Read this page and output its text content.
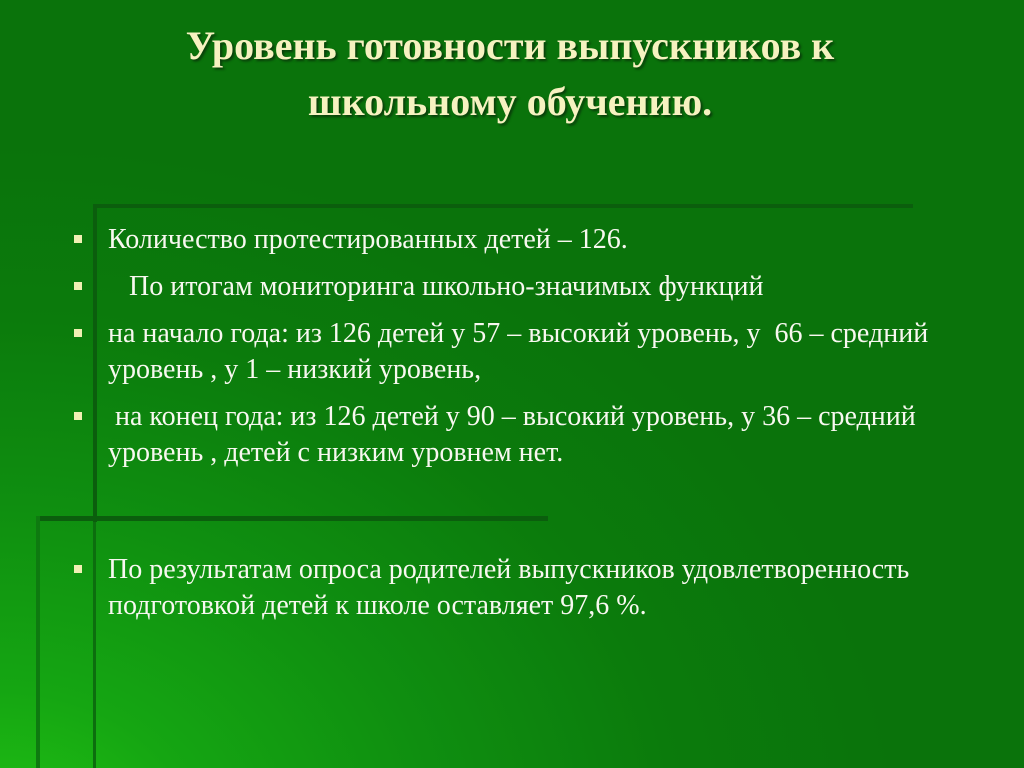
Уровень готовности выпускников к
школьному обучению.
Количество протестированных детей – 126.
По итогам мониторинга школьно-значимых функций
на начало года: из 126 детей у 57 – высокий уровень, у  66 – средний уровень , у 1 – низкий уровень,
на конец года: из 126 детей у 90 – высокий уровень, у 36 – средний уровень , детей с низким уровнем нет.
По результатам опроса родителей выпускников удовлетворенность подготовкой детей к школе оставляет 97,6 %.
